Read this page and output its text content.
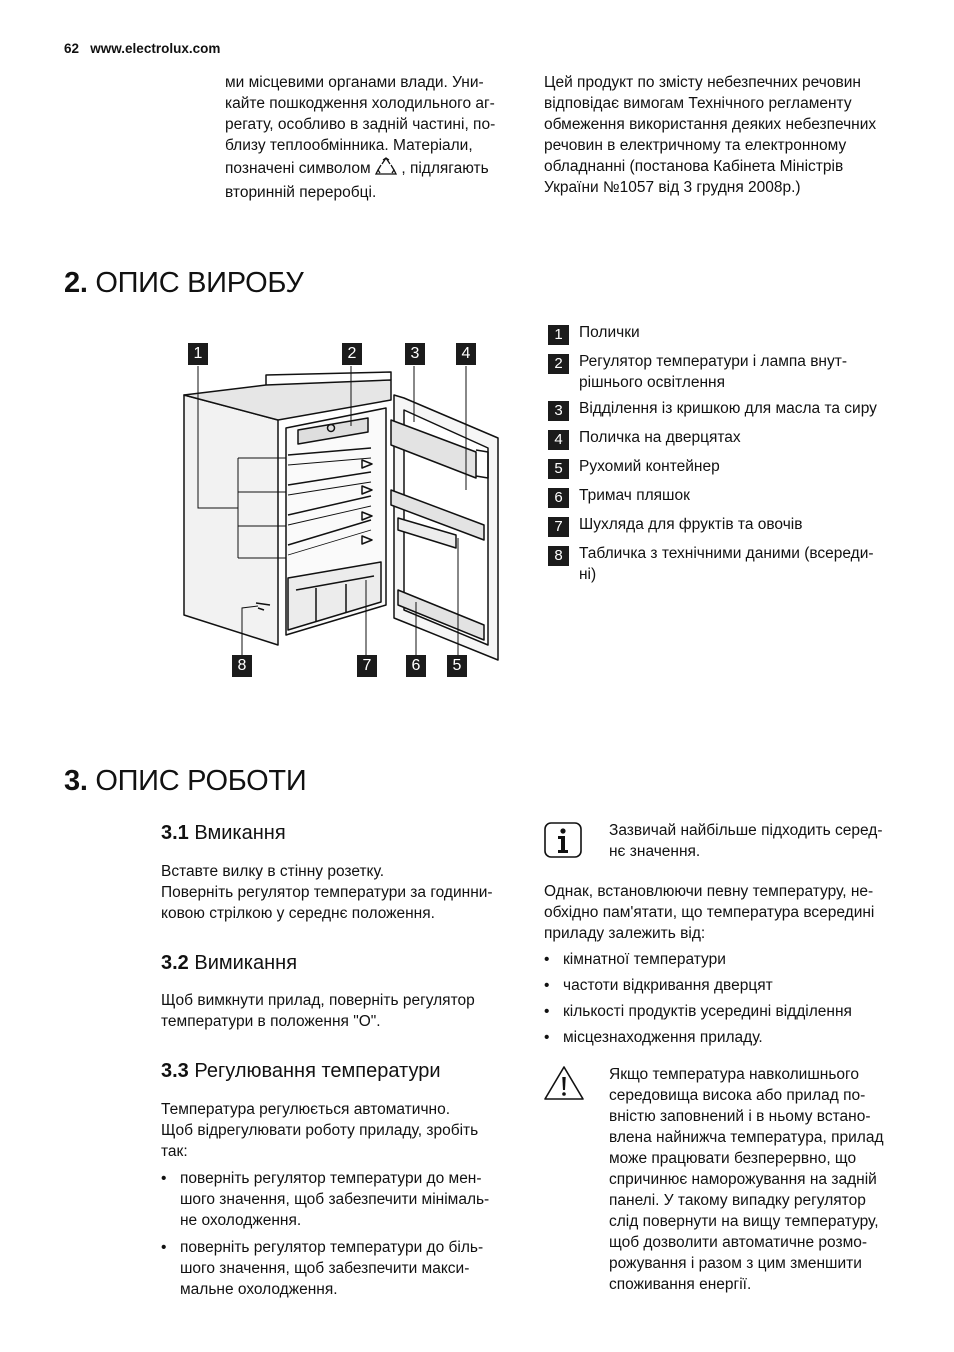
62 www.electrolux.com
ми місцевими органами влади. Уни-
кайте пошкодження холодильного аг-
регату, особливо в задній частині, по-
близу теплообмінника. Матеріали,
позначені символом , підлягають
вторинній переробці.
Цей продукт по змісту небезпечних речовин
відповідає вимогам Технічного регламенту
обмеження використання деяких небезпечних
речовин в електричному та електронному
обладнанні (постанова Кабінета Міністрів
України №1057 від 3 грудня 2008р.)
2. ОПИС ВИРОБУ
1	2	3	4
8	7	6	5
1	Полички
2	Регулятор температури і лампа внут-
рішнього освітлення
3	Відділення із кришкою для масла та сиру
4	Поличка на дверцятах
5	Рухомий контейнер
6	Тримач пляшок
7	Шухляда для фруктів та овочів
8	Табличка з технічними даними (всереди-
ні)
3. ОПИС РОБОТИ
3.1 Вмикання
Вставте вилку в стінну розетку.
Поверніть регулятор температури за годинни-
ковою стрілкою у середнє положення.
3.2 Вимикання
Щоб вимкнути прилад, поверніть регулятор
температури в положення "О".
3.3 Регулювання температури
Температура регулюється автоматично.
Щоб відрегулювати роботу приладу, зробіть
так:
• поверніть регулятор температури до мен-
шого значення, щоб забезпечити мінімаль-
не охолодження.
• поверніть регулятор температури до біль-
шого значення, щоб забезпечити макси-
мальне охолодження.
Зазвичай найбільше підходить серед-
нє значення.
Однак, встановлюючи певну температуру, не-
обхідно пам'ятати, що температура всередині
приладу залежить від:
• кімнатної температури
• частоти відкривання дверцят
• кількості продуктів усередині відділення
• місцезнаходження приладу.
Якщо температура навколишнього
середовища висока або прилад по-
вністю заповнений і в ньому встано-
влена найнижча температура, прилад
може працювати безперервно, що
спричинює наморожування на задній
панелі. У такому випадку регулятор
слід повернути на вищу температуру,
щоб дозволити автоматичне розмо-
рожування і разом з цим зменшити
споживання енергії.
